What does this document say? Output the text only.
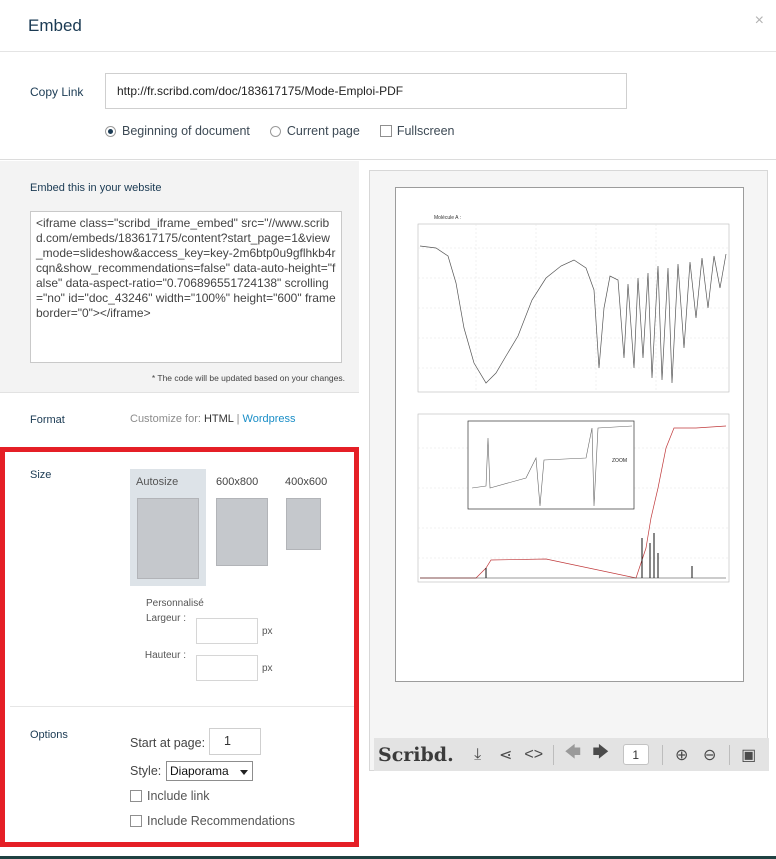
Embed	×
Copy Link	http://fr.scribd.com/doc/183617175/Mode-Emploi-PDF
Beginning of document	Current page	Fullscreen
Embed this in your website
<iframe class="scribd_iframe_embed" src="//www.scribd.com/embeds/183617175/content?start_page=1&view_mode=slideshow&access_key=key-2m6btp0u9gflhkb4rcqn&show_recommendations=false" data-auto-height="false" data-aspect-ratio="0.706896551724138" scrolling="no" id="doc_43246" width="100%" height="600" frameborder="0"></iframe>
* The code will be updated based on your changes.
Format	Customize for: HTML | Wordpress
Size
Autosize	600x800 400x600
Personnalisé
Largeur :
px
Hauteur :
px
Options
Start at page:	1
Style: Diaporama
Include link
Include Recommendations
Molécule A :
ZOOM
Scribd.	⤓	⋖ <>	🡄 🡆	1	⊕ ⊖	▣
